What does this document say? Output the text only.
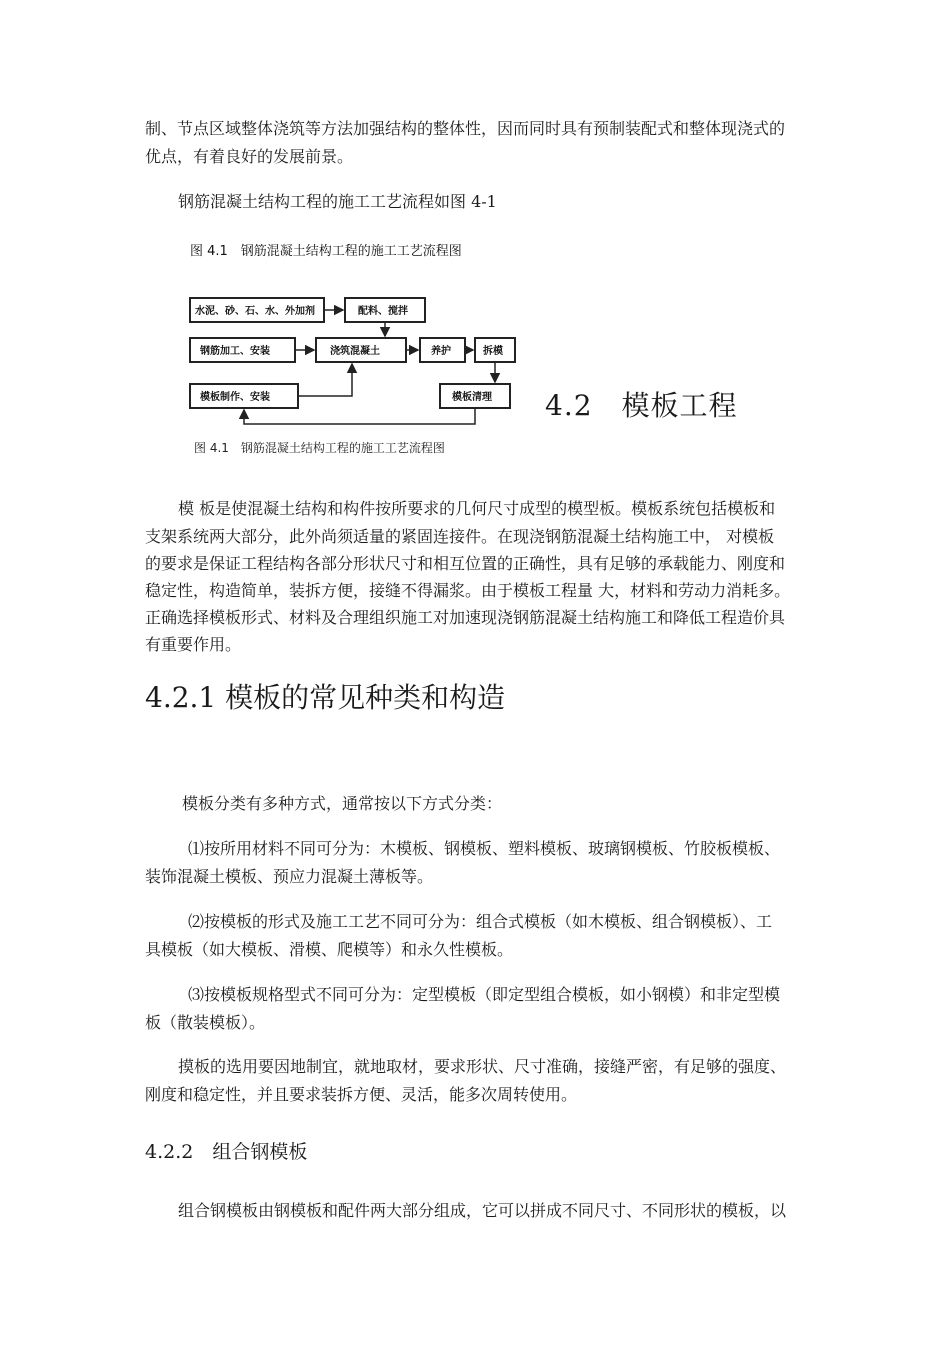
制、节点区域整体浇筑等方法加强结构的整体性，因而同时具有预制装配式和整体现浇式的
优点，有着良好的发展前景。
钢筋混凝土结构工程的施工工艺流程如图 4-1
图 4.1　钢筋混凝土结构工程的施工工艺流程图
水泥、砂、石、水、外加剂	配料、搅拌
钢筋加工、安装	浇筑混凝土	养护	拆模
模板制作、安装	模板清理
图 4.1　钢筋混凝土结构工程的施工工艺流程图
4.2　模板工程
模 板是使混凝土结构和构件按所要求的几何尺寸成型的模型板。模板系统包括模板和
支架系统两大部分，此外尚须适量的紧固连接件。在现浇钢筋混凝土结构施工中， 对模板
的要求是保证工程结构各部分形状尺寸和相互位置的正确性，具有足够的承载能力、刚度和
稳定性，构造简单，装拆方便，接缝不得漏浆。由于模板工程量 大，材料和劳动力消耗多。
正确选择模板形式、材料及合理组织施工对加速现浇钢筋混凝土结构施工和降低工程造价具
有重要作用。
4.2.1 模板的常见种类和构造
模板分类有多种方式，通常按以下方式分类：
⑴按所用材料不同可分为：木模板、钢模板、塑料模板、玻璃钢模板、竹胶板模板、
装饰混凝土模板、预应力混凝土薄板等。
⑵按模板的形式及施工工艺不同可分为：组合式模板（如木模板、组合钢模板）、工
具模板（如大模板、滑模、爬模等）和永久性模板。
⑶按模板规格型式不同可分为：定型模板（即定型组合模板，如小钢模）和非定型模
板（散装模板）。
摸板的选用要因地制宜，就地取材，要求形状、尺寸准确，接缝严密，有足够的强度、
刚度和稳定性，并且要求装拆方便、灵活，能多次周转使用。
4.2.2　组合钢模板
组合钢模板由钢模板和配件两大部分组成，它可以拼成不同尺寸、不同形状的模板，以
